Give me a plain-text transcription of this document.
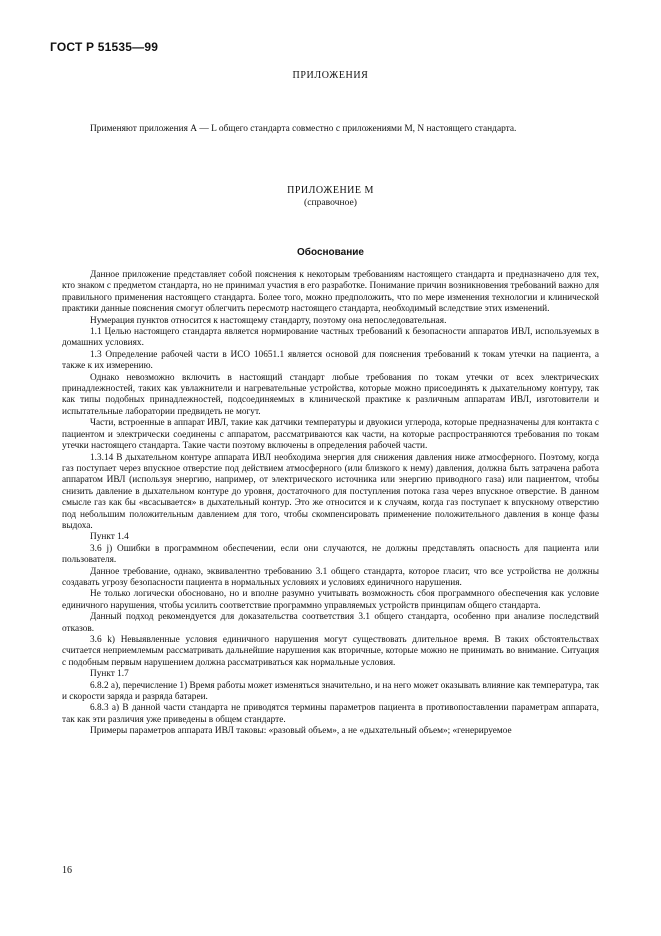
ГОСТ Р 51535—99
ПРИЛОЖЕНИЯ
Применяют приложения А — L общего стандарта совместно с приложениями М, N настоящего стандарта.
ПРИЛОЖЕНИЕ М
(справочное)
Обоснование

Данное приложение представляет собой пояснения к некоторым требованиям настоящего стандарта и предназначено для тех, кто знаком с предметом стандарта, но не принимал участия в его разработке. Понимание причин возникновения требований важно для правильного применения настоящего стандарта. Более того, можно предположить, что по мере изменения технологии и клинической практики данные пояснения смогут облегчить пересмотр настоящего стандарта, необходимый вследствие этих изменений.

Нумерация пунктов относится к настоящему стандарту, поэтому она непоследовательная.

1.1 Целью настоящего стандарта является нормирование частных требований к безопасности аппаратов ИВЛ, используемых в домашних условиях.

1.3 Определение рабочей части в ИСО 10651.1 является основой для пояснения требований к токам утечки на пациента, а также к их измерению.

Однако невозможно включить в настоящий стандарт любые требования по токам утечки от всех электрических принадлежностей, таких как увлажнители и нагревательные устройства, которые можно присоединять к дыхательному контуру, так как типы подобных принадлежностей, подсоединяемых в клинической практике к различным аппаратам ИВЛ, изготовители и испытательные лаборатории предвидеть не могут.

Части, встроенные в аппарат ИВЛ, такие как датчики температуры и двуокиси углерода, которые предназначены для контакта с пациентом и электрически соединены с аппаратом, рассматриваются как части, на которые распространяются требования по токам утечки настоящего стандарта. Такие части поэтому включены в определения рабочей части.

1.3.14 В дыхательном контуре аппарата ИВЛ необходима энергия для снижения давления ниже атмосферного. Поэтому, когда газ поступает через впускное отверстие под действием атмосферного (или близкого к нему) давления, должна быть затрачена работа аппаратом ИВЛ (используя энергию, например, от электрического источника или энергию приводного газа) или пациентом, чтобы снизить давление в дыхательном контуре до уровня, достаточного для поступления потока газа через впускное отверстие. В данном смысле газ как бы «всасывается» в дыхательный контур. Это же относится и к случаям, когда газ поступает к впускному отверстию под небольшим положительным давлением для того, чтобы скомпенсировать применение положительного давления в конце фазы выдоха.

Пункт 1.4

3.6 j) Ошибки в программном обеспечении, если они случаются, не должны представлять опасность для пациента или пользователя.

Данное требование, однако, эквивалентно требованию 3.1 общего стандарта, которое гласит, что все устройства не должны создавать угрозу безопасности пациента в нормальных условиях и условиях единичного нарушения.

Не только логически обосновано, но и вполне разумно учитывать возможность сбоя программного обеспечения как условие единичного нарушения, чтобы усилить соответствие программно управляемых устройств принципам общего стандарта.

Данный подход рекомендуется для доказательства соответствия 3.1 общего стандарта, особенно при анализе последствий отказов.

3.6 k) Невыявленные условия единичного нарушения могут существовать длительное время. В таких обстоятельствах считается неприемлемым рассматривать дальнейшие нарушения как вторичные, которые можно не принимать во внимание. Ситуация с подобным первым нарушением должна рассматриваться как нормальные условия.

Пункт 1.7

6.8.2 a), перечисление 1) Время работы может изменяться значительно, и на него может оказывать влияние как температура, так и скорости заряда и разряда батареи.

6.8.3 a) В данной части стандарта не приводятся термины параметров пациента в противопоставлении параметрам аппарата, так как эти различия уже приведены в общем стандарте.

Примеры параметров аппарата ИВЛ таковы: «разовый объем», а не «дыхательный объем»; «генерируемое

16
